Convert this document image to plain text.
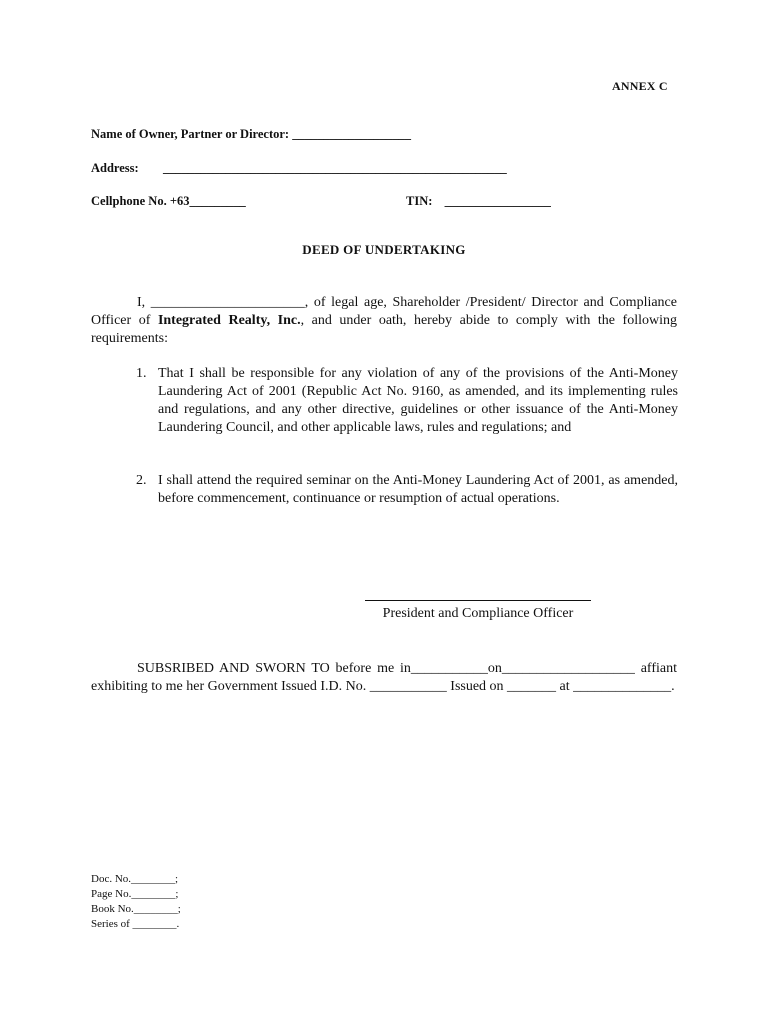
ANNEX C
Name of Owner, Partner or Director: ___________________
Address: _______________________________________________________
Cellphone No. +63_________	TIN: _________________
DEED OF UNDERTAKING
I, ______________________, of legal age, Shareholder /President/ Director and Compliance Officer of Integrated Realty, Inc., and under oath, hereby abide to comply with the following requirements:
1. That I shall be responsible for any violation of any of the provisions of the Anti-Money Laundering Act of 2001 (Republic Act No. 9160, as amended, and its implementing rules and regulations, and any other directive, guidelines or other issuance of the Anti-Money Laundering Council, and other applicable laws, rules and regulations; and
2. I shall attend the required seminar on the Anti-Money Laundering Act of 2001, as amended, before commencement, continuance or resumption of actual operations.
President and Compliance Officer
SUBSRIBED AND SWORN TO before me in___________on___________________ affiant exhibiting to me her Government Issued I.D. No. ___________ Issued on _______ at ______________.
Doc. No.________;
Page No.________;
Book No.________;
Series of ________.
